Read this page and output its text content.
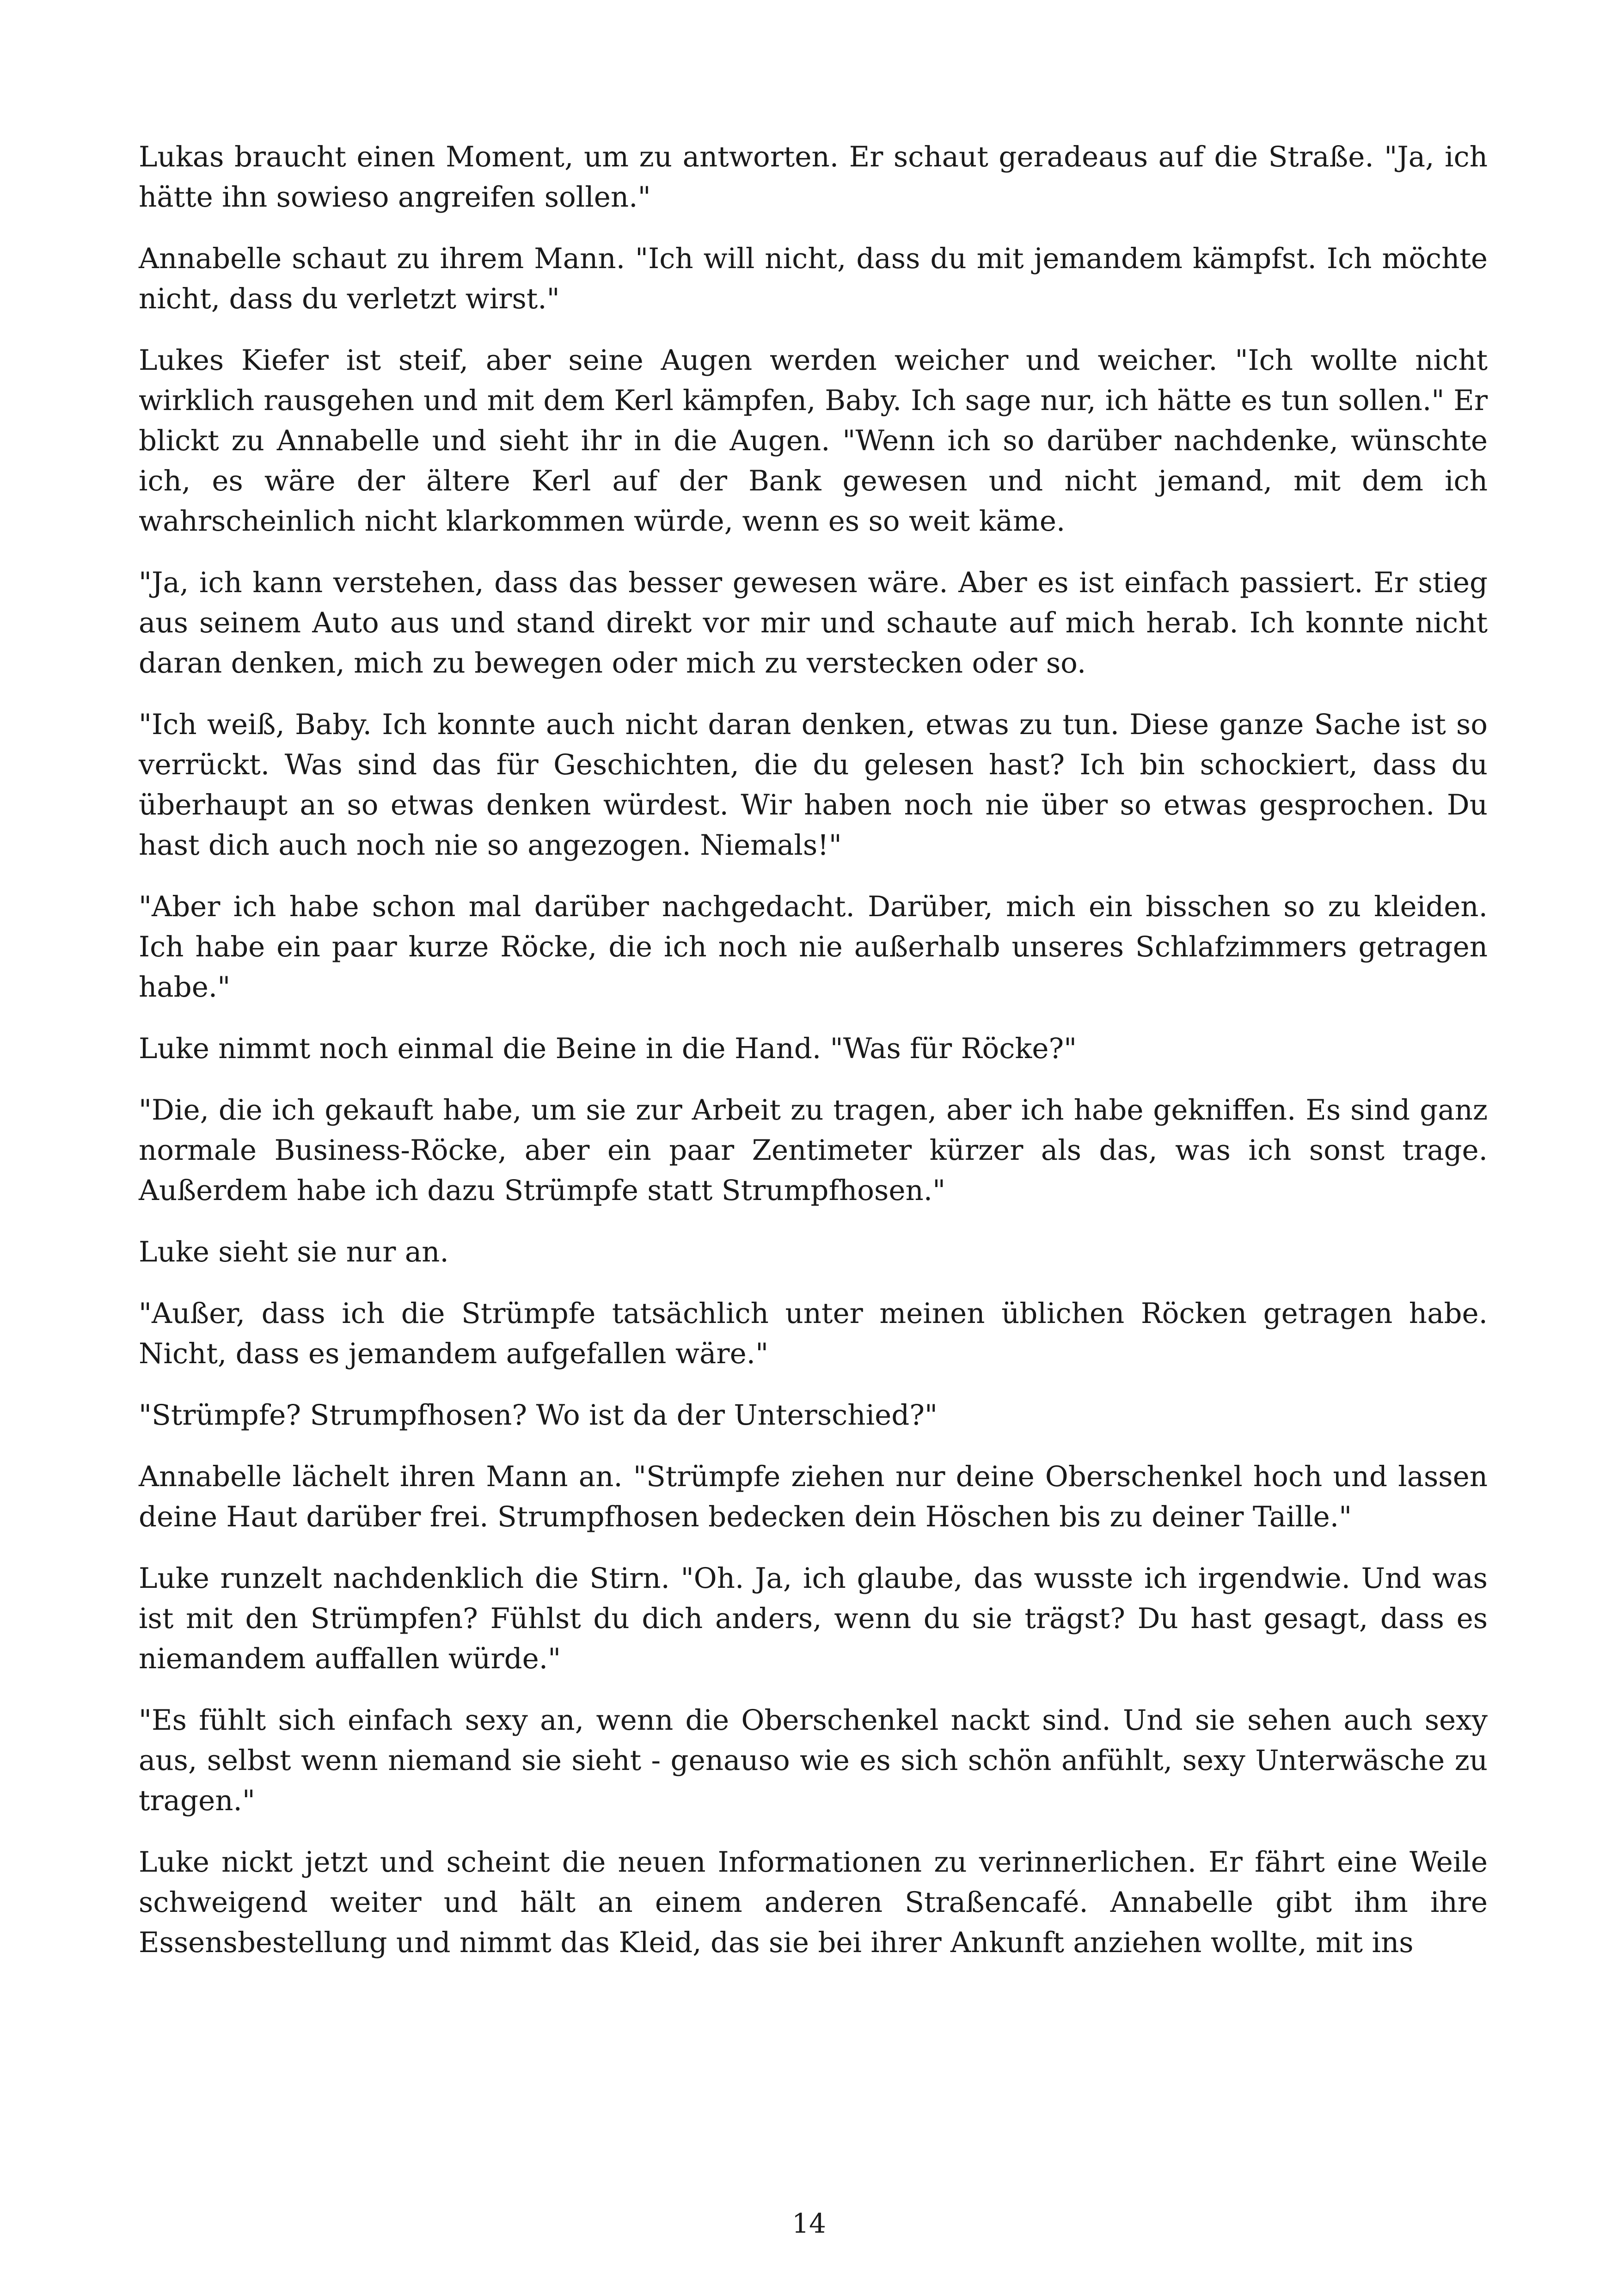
Lukas braucht einen Moment, um zu antworten. Er schaut geradeaus auf die Straße. "Ja, ich hätte ihn sowieso angreifen sollen."

Annabelle schaut zu ihrem Mann. "Ich will nicht, dass du mit jemandem kämpfst. Ich möchte nicht, dass du verletzt wirst."

Lukes Kiefer ist steif, aber seine Augen werden weicher und weicher. "Ich wollte nicht wirklich rausgehen und mit dem Kerl kämpfen, Baby. Ich sage nur, ich hätte es tun sollen." Er blickt zu Annabelle und sieht ihr in die Augen. "Wenn ich so darüber nachdenke, wünschte ich, es wäre der ältere Kerl auf der Bank gewesen und nicht jemand, mit dem ich wahrscheinlich nicht klarkommen würde, wenn es so weit käme.

"Ja, ich kann verstehen, dass das besser gewesen wäre. Aber es ist einfach passiert. Er stieg aus seinem Auto aus und stand direkt vor mir und schaute auf mich herab. Ich konnte nicht daran denken, mich zu bewegen oder mich zu verstecken oder so.

"Ich weiß, Baby. Ich konnte auch nicht daran denken, etwas zu tun. Diese ganze Sache ist so verrückt. Was sind das für Geschichten, die du gelesen hast? Ich bin schockiert, dass du überhaupt an so etwas denken würdest. Wir haben noch nie über so etwas gesprochen. Du hast dich auch noch nie so angezogen. Niemals!"

"Aber ich habe schon mal darüber nachgedacht. Darüber, mich ein bisschen so zu kleiden. Ich habe ein paar kurze Röcke, die ich noch nie außerhalb unseres Schlafzimmers getragen habe."

Luke nimmt noch einmal die Beine in die Hand. "Was für Röcke?"

"Die, die ich gekauft habe, um sie zur Arbeit zu tragen, aber ich habe gekniffen. Es sind ganz normale Business-Röcke, aber ein paar Zentimeter kürzer als das, was ich sonst trage. Außerdem habe ich dazu Strümpfe statt Strumpfhosen."

Luke sieht sie nur an.

"Außer, dass ich die Strümpfe tatsächlich unter meinen üblichen Röcken getragen habe. Nicht, dass es jemandem aufgefallen wäre."

"Strümpfe? Strumpfhosen? Wo ist da der Unterschied?"

Annabelle lächelt ihren Mann an. "Strümpfe ziehen nur deine Oberschenkel hoch und lassen deine Haut darüber frei. Strumpfhosen bedecken dein Höschen bis zu deiner Taille."

Luke runzelt nachdenklich die Stirn. "Oh. Ja, ich glaube, das wusste ich irgendwie. Und was ist mit den Strümpfen? Fühlst du dich anders, wenn du sie trägst? Du hast gesagt, dass es niemandem auffallen würde."

"Es fühlt sich einfach sexy an, wenn die Oberschenkel nackt sind. Und sie sehen auch sexy aus, selbst wenn niemand sie sieht - genauso wie es sich schön anfühlt, sexy Unterwäsche zu tragen."

Luke nickt jetzt und scheint die neuen Informationen zu verinnerlichen. Er fährt eine Weile schweigend weiter und hält an einem anderen Straßencafé. Annabelle gibt ihm ihre Essensbestellung und nimmt das Kleid, das sie bei ihrer Ankunft anziehen wollte, mit ins

14
